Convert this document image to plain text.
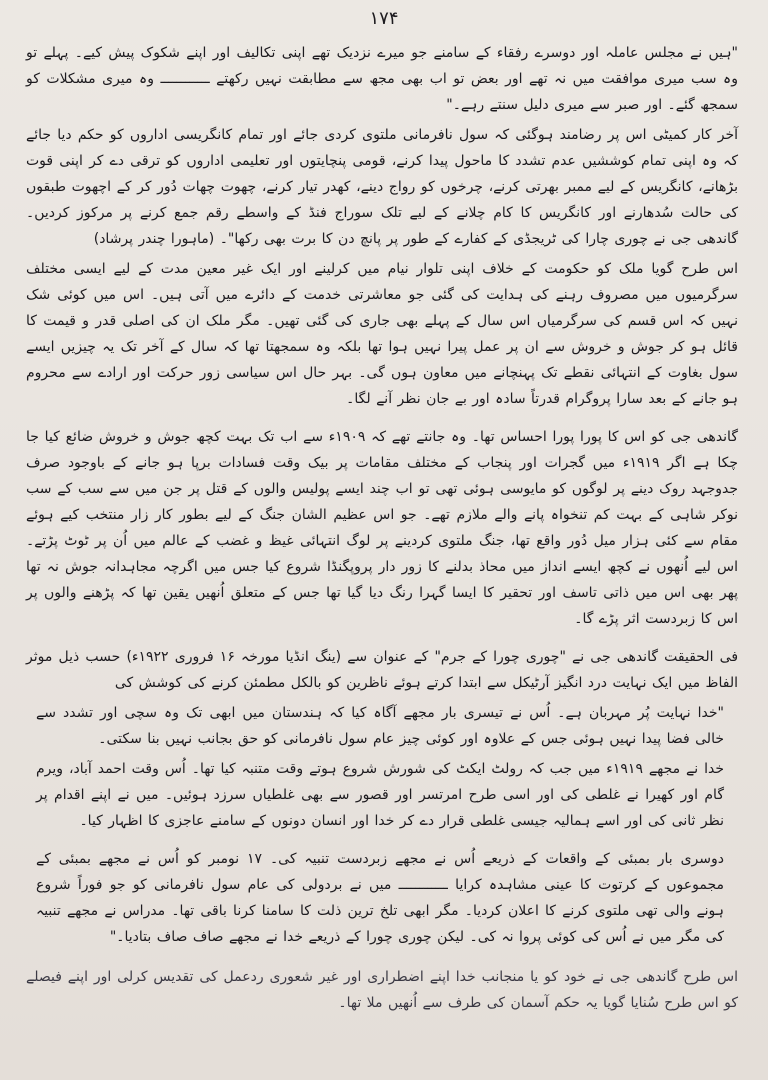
۱۷۴

"ہیں نے مجلس عاملہ اور دوسرے رفقاء کے سامنے جو میرے نزدیک تھے اپنی تکالیف اور اپنے شکوک پیش کیے۔ پہلے تو وہ سب میری موافقت میں نہ تھے اور بعض تو اب بھی مجھ سے مطابقت نہیں رکھتے ــــــــــــ وہ میری مشکلات کو سمجھ گئے۔ اور صبر سے میری دلیل سنتے رہے۔"

آخر کار کمیٹی اس پر رضامند ہوگئی کہ سول نافرمانی ملتوی کردی جائے اور تمام کانگریسی اداروں کو حکم دیا جائے کہ وہ اپنی تمام کوششیں عدم تشدد کا ماحول پیدا کرنے، قومی پنچایتوں اور تعلیمی اداروں کو ترقی دے کر اپنی قوت بڑھانے، کانگریس کے لیے ممبر بھرتی کرنے، چرخوں کو رواج دینے، کھدر تیار کرنے، چھوت چھات دُور کر کے اچھوت طبقوں کی حالت سُدھارنے اور کانگریس کا کام چلانے کے لیے تلک سوراج فنڈ کے واسطے رقم جمع کرنے پر مرکوز کردیں۔ گاندھی جی نے چوری چارا کی ٹریجڈی کے کفارے کے طور پر پانچ دن کا برت بھی رکھا"۔ (ماہورا چندر پرشاد)

اس طرح گویا ملک کو حکومت کے خلاف اپنی تلوار نیام میں کرلینے اور ایک غیر معین مدت کے لیے ایسی مختلف سرگرمیوں میں مصروف رہنے کی ہدایت کی گئی جو معاشرتی خدمت کے دائرے میں آتی ہیں۔ اس میں کوئی شک نہیں کہ اس قسم کی سرگرمیاں اس سال کے پہلے بھی جاری کی گئی تھیں۔ مگر ملک ان کی اصلی قدر و قیمت کا قائل ہو کر جوش و خروش سے ان پر عمل پیرا نہیں ہوا تھا بلکہ وہ سمجھتا تھا کہ سال کے آخر تک یہ چیزیں ایسے سول بغاوت کے انتہائی نقطے تک پہنچانے میں معاون ہوں گی۔ بہر حال اس سیاسی زور حرکت اور ارادے سے محروم ہو جانے کے بعد سارا پروگرام قدرتاً سادہ اور بے جان نظر آنے لگا۔

گاندھی جی کو اس کا پورا پورا احساس تھا۔ وہ جانتے تھے کہ ۱۹۰۹ء سے اب تک بہت کچھ جوش و خروش ضائع کیا جا چکا ہے اگر ۱۹۱۹ء میں گجرات اور پنجاب کے مختلف مقامات پر بیک وقت فسادات برپا ہو جانے کے باوجود صرف جدوجہد روک دینے پر لوگوں کو مایوسی ہوئی تھی تو اب چند ایسے پولیس والوں کے قتل پر جن میں سے سب کے سب نوکر شاہی کے بہت کم تنخواہ پانے والے ملازم تھے۔ جو اس عظیم الشان جنگ کے لیے بطور کار زار منتخب کیے ہوئے مقام سے کئی ہزار میل دُور واقع تھا، جنگ ملتوی کردینے پر لوگ انتہائی غیظ و غضب کے عالم میں اُن پر ٹوٹ پڑتے۔ اس لیے اُنھوں نے کچھ ایسے انداز میں محاذ بدلنے کا زور دار پروپگنڈا شروع کیا جس میں اگرچہ مجاہدانہ جوش نہ تھا پھر بھی اس میں ذاتی تاسف اور تحقیر کا ایسا گہرا رنگ دیا گیا تھا جس کے متعلق اُنھیں یقین تھا کہ پڑھنے والوں پر اس کا زبردست اثر پڑے گا۔

فی الحقیقت گاندھی جی نے "چوری چورا کے جرم" کے عنوان سے (ینگ انڈیا مورخہ ۱۶ فروری ۱۹۲۲ء) حسب ذیل موثر الفاظ میں ایک نہایت درد انگیز آرٹیکل سے ابتدا کرتے ہوئے ناظرین کو بالکل مطمئن کرنے کی کوشش کی

"خدا نہایت پُر مہربان ہے۔ اُس نے تیسری بار مجھے آگاہ کیا کہ ہندستان میں ابھی تک وہ سچی اور تشدد سے خالی فضا پیدا نہیں ہوئی جس کے علاوہ اور کوئی چیز عام سول نافرمانی کو حق بجانب نہیں بنا سکتی۔

خدا نے مجھے ۱۹۱۹ء میں جب کہ رولٹ ایکٹ کی شورش شروع ہوتے وقت متنبہ کیا تھا۔ اُس وقت احمد آباد، ویرم گام اور کھیرا نے غلطی کی اور اسی طرح امرتسر اور قصور سے بھی غلطیاں سرزد ہوئیں۔ میں نے اپنے اقدام پر نظر ثانی کی اور اسے ہمالیہ جیسی غلطی قرار دے کر خدا اور انسان دونوں کے سامنے عاجزی کا اظہار کیا۔

دوسری بار بمبئی کے واقعات کے ذریعے اُس نے مجھے زبردست تنبیہ کی۔ ۱۷ نومبر کو اُس نے مجھے بمبئی کے مجموعوں کے کرتوت کا عینی مشاہدہ کرایا ــــــــــــ میں نے بردولی کی عام سول نافرمانی کو جو فوراً شروع ہونے والی تھی ملتوی کرنے کا اعلان کردیا۔ مگر ابھی تلخ ترین ذلت کا سامنا کرنا باقی تھا۔ مدراس نے مجھے تنبیہ کی مگر میں نے اُس کی کوئی پروا نہ کی۔ لیکن چوری چورا کے ذریعے خدا نے مجھے صاف صاف بتادیا۔"

اس طرح گاندھی جی نے خود کو یا منجانب خدا اپنے اضطراری اور غیر شعوری ردعمل کی تقدیس کرلی اور اپنے فیصلے کو اس طرح سُنایا گویا یہ حکم آسمان کی طرف سے اُنھیں ملا تھا۔
